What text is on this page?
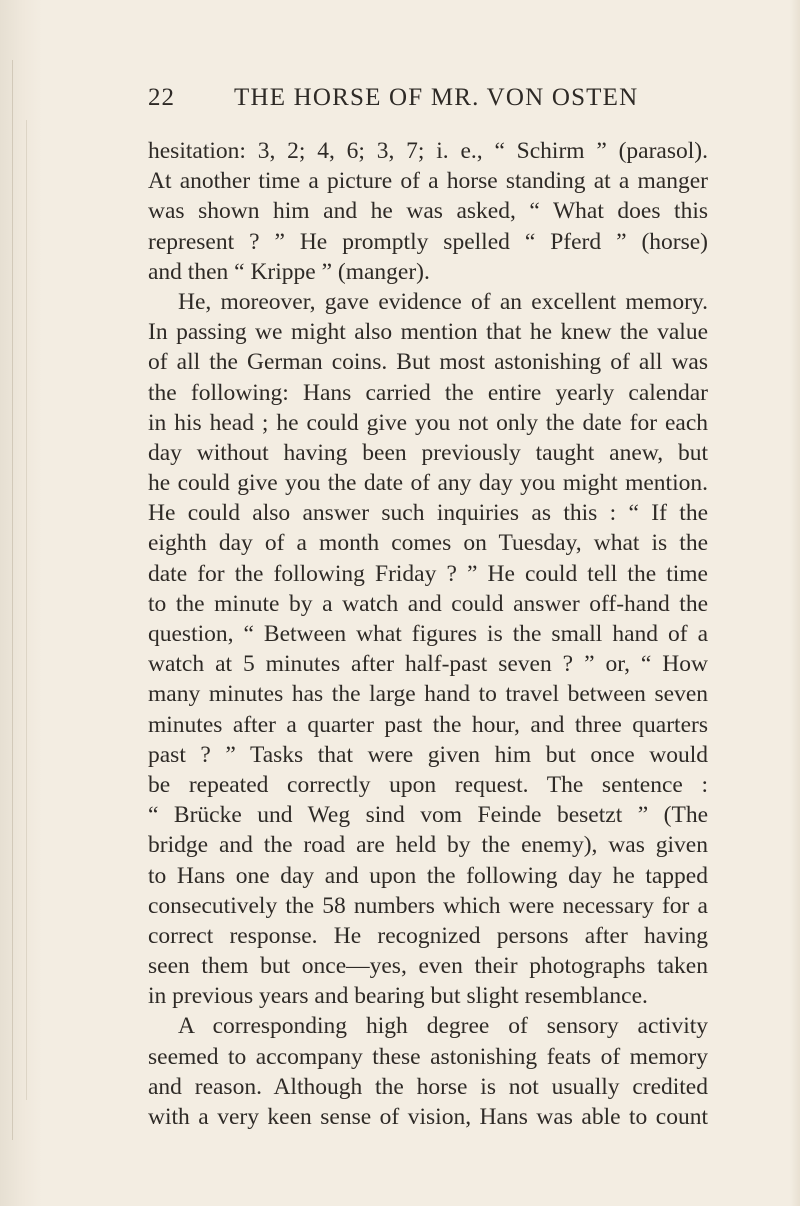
22 THE HORSE OF MR. VON OSTEN
hesitation: 3, 2; 4, 6; 3, 7; i. e., “ Schirm ” (parasol).
At another time a picture of a horse standing at a manger
was shown him and he was asked, “ What does this
represent ? ” He promptly spelled “ Pferd ” (horse)
and then “ Krippe ” (manger).
He, moreover, gave evidence of an excellent memory.
In passing we might also mention that he knew the value
of all the German coins. But most astonishing of all was
the following: Hans carried the entire yearly calendar
in his head ; he could give you not only the date for each
day without having been previously taught anew, but
he could give you the date of any day you might mention.
He could also answer such inquiries as this : “ If the
eighth day of a month comes on Tuesday, what is the
date for the following Friday ? ” He could tell the time
to the minute by a watch and could answer off-hand the
question, “ Between what figures is the small hand of a
watch at 5 minutes after half-past seven ? ” or, “ How
many minutes has the large hand to travel between seven
minutes after a quarter past the hour, and three quarters
past ? ” Tasks that were given him but once would
be repeated correctly upon request. The sentence :
“ Brücke und Weg sind vom Feinde besetzt ” (The
bridge and the road are held by the enemy), was given
to Hans one day and upon the following day he tapped
consecutively the 58 numbers which were necessary for a
correct response. He recognized persons after having
seen them but once—yes, even their photographs taken
in previous years and bearing but slight resemblance.
A corresponding high degree of sensory activity
seemed to accompany these astonishing feats of memory
and reason. Although the horse is not usually credited
with a very keen sense of vision, Hans was able to count
